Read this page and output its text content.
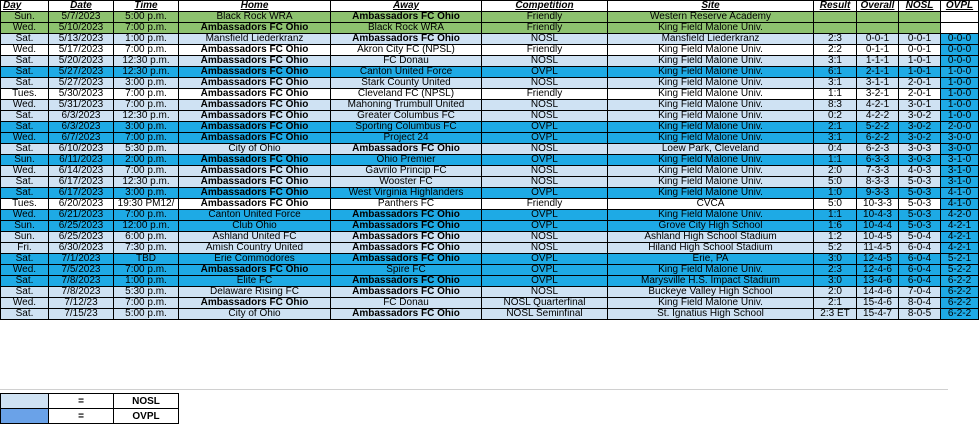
Day	Date	Time	Home	Away	Competition	Site	Result	Overall	NOSL	OVPL
Sun.	5/7/2023	5:00 p.m.	Black Rock WRA	Ambassadors FC Ohio	Friendly	Western Reserve Academy				
Wed.	5/10/2023	7:00 p.m.	Ambassadors FC Ohio	Black Rock WRA	Friendly	King Field Malone Univ.				
Sat.	5/13/2023	1:00 p.m.	Mansfield Liederkranz	Ambassadors FC Ohio	NOSL	Mansfield Liederkranz	2:3	0-0-1	0-0-1	0-0-0
Wed.	5/17/2023	7:00 p.m.	Ambassadors FC Ohio	Akron City FC (NPSL)	Friendly	King Field Malone Univ.	2:2	0-1-1	0-0-1	0-0-0
Sat.	5/20/2023	12:30 p.m.	Ambassadors FC Ohio	FC Donau	NOSL	King Field Malone Univ.	3:1	1-1-1	1-0-1	0-0-0
Sat.	5/27/2023	12:30 p.m.	Ambassadors FC Ohio	Canton United Force	OVPL	King Field Malone Univ.	6:1	2-1-1	1-0-1	1-0-0
Sat.	5/27/2023	3:00 p.m.	Ambassadors FC Ohio	Stark County United	NOSL	King Field Malone Univ.	3:1	3-1-1	2-0-1	1-0-0
Tues.	5/30/2023	7:00 p.m.	Ambassadors FC Ohio	Cleveland FC (NPSL)	Friendly	King Field Malone Univ.	1:1	3-2-1	2-0-1	1-0-0
Wed.	5/31/2023	7:00 p.m.	Ambassadors FC Ohio	Mahoning Trumbull United	NOSL	King Field Malone Univ.	8:3	4-2-1	3-0-1	1-0-0
Sat.	6/3/2023	12:30 p.m.	Ambassadors FC Ohio	Greater Columbus FC	NOSL	King Field Malone Univ.	0:2	4-2-2	3-0-2	1-0-0
Sat.	6/3/2023	3:00 p.m.	Ambassadors FC Ohio	Sporting Columbus FC	OVPL	King Field Malone Univ.	2:1	5-2-2	3-0-2	2-0-0
Wed.	6/7/2023	7:00 p.m.	Ambassadors FC Ohio	Project 24	OVPL	King Field Malone Univ.	3:1	6-2-2	3-0-2	3-0-0
Sat.	6/10/2023	5:30 p.m.	City of Ohio	Ambassadors FC Ohio	NOSL	Loew Park, Cleveland	0:4	6-2-3	3-0-3	3-0-0
Sun.	6/11/2023	2:00 p.m.	Ambassadors FC Ohio	Ohio Premier	OVPL	King Field Malone Univ.	1:1	6-3-3	3-0-3	3-1-0
Wed.	6/14/2023	7:00 p.m.	Ambassadors FC Ohio	Gavrilo Princip FC	NOSL	King Field Malone Univ.	2:0	7-3-3	4-0-3	3-1-0
Sat.	6/17/2023	12:30 p.m.	Ambassadors FC Ohio	Wooster FC	NOSL	King Field Malone Univ.	5:0	8-3-3	5-0-3	3-1-0
Sat.	6/17/2023	3:00 p.m.	Ambassadors FC Ohio	West Virginia Highlanders	OVPL	King Field Malone Univ.	1:0	9-3-3	5-0-3	4-1-0
Tues.	6/20/2023	19:30 PM12/	Ambassadors FC Ohio	Panthers FC	Friendly	CVCA	5:0	10-3-3	5-0-3	4-1-0
Wed.	6/21/2023	7:00 p.m.	Canton United Force	Ambassadors FC Ohio	OVPL	King Field Malone Univ.	1:1	10-4-3	5-0-3	4-2-0
Sun.	6/25/2023	12:00 p.m.	Club Ohio	Ambassadors FC Ohio	OVPL	Grove City High School	1:6	10-4-4	5-0-3	4-2-1
Sun.	6/25/2023	6:00 p.m.	Ashland United FC	Ambassadors FC Ohio	NOSL	Ashland High School Stadium	1:2	10-4-5	5-0-4	4-2-1
Fri.	6/30/2023	7:30 p.m.	Amish Country United	Ambassadors FC Ohio	NOSL	Hiland High School Stadium	5:2	11-4-5	6-0-4	4-2-1
Sat.	7/1/2023	TBD	Erie Commodores	Ambassadors FC Ohio	OVPL	Erie, PA	3:0	12-4-5	6-0-4	5-2-1
Wed.	7/5/2023	7:00 p.m.	Ambassadors FC Ohio	Spire FC	OVPL	King Field Malone Univ.	2:3	12-4-6	6-0-4	5-2-2
Sat.	7/8/2023	1:00 p.m.	Elite FC	Ambassadors FC Ohio	OVPL	Marysville H.S. Impact Stadium	3:0	13-4-6	6-0-4	6-2-2
Sat.	7/8/2023	5:30 p.m.	Delaware Rising FC	Ambassadors FC Ohio	NOSL	Buckeye Valley High School	2:0	14-4-6	7-0-4	6-2-2
Wed.	7/12/23	7:00 p.m.	Ambassadors FC Ohio	FC Donau	NOSL Quarterfinal	King Field Malone Univ.	2:1	15-4-6	8-0-4	6-2-2
Sat.	7/15/23	5:00 p.m.	City of Ohio	Ambassadors FC Ohio	NOSL Seminfinal	St. Ignatius High School	2:3 ET	15-4-7	8-0-5	6-2-2
	=	NOSL
	=	OVPL
